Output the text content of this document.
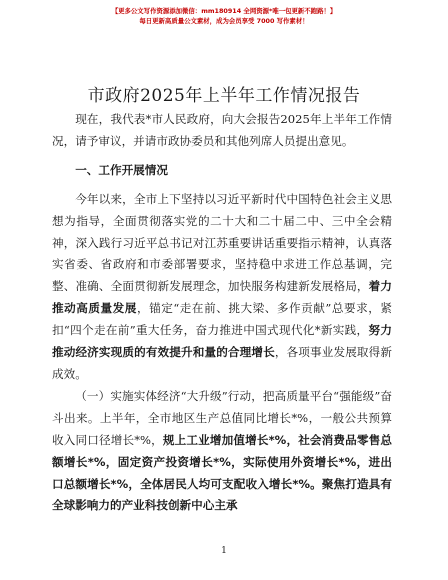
【更多公文写作资源添加微信：mm180914 全网资源*唯一包更新不跑路！】
每日更新高质量公文素材，成为会员享受 7000 写作素材！
市政府2025年上半年工作情况报告

现在，我代表*市人民政府，向大会报告2025年上半年工作情况，请予审议，并请市政协委员和其他列席人员提出意见。

一、工作开展情况

今年以来，全市上下坚持以习近平新时代中国特色社会主义思想为指导，全面贯彻落实党的二十大和二十届二中、三中全会精神，深入践行习近平总书记对江苏重要讲话重要指示精神，认真落实省委、省政府和市委部署要求，坚持稳中求进工作总基调，完整、准确、全面贯彻新发展理念，加快服务构建新发展格局，着力推动高质量发展，锚定“走在前、挑大梁、多作贡献”总要求，紧扣“四个走在前”重大任务，奋力推进中国式现代化*新实践，努力推动经济实现质的有效提升和量的合理增长，各项事业发展取得新成效。

（一）实施实体经济“大升级”行动，把高质量平台“强能级”奋斗出来。上半年，全市地区生产总值同比增长*%，一般公共预算收入同口径增长*%，规上工业增加值增长*%，社会消费品零售总额增长*%，固定资产投资增长*%，实际使用外资增长*%，进出口总额增长*%，全体居民人均可支配收入增长*%。聚焦打造具有全球影响力的产业科技创新中心主承

1
